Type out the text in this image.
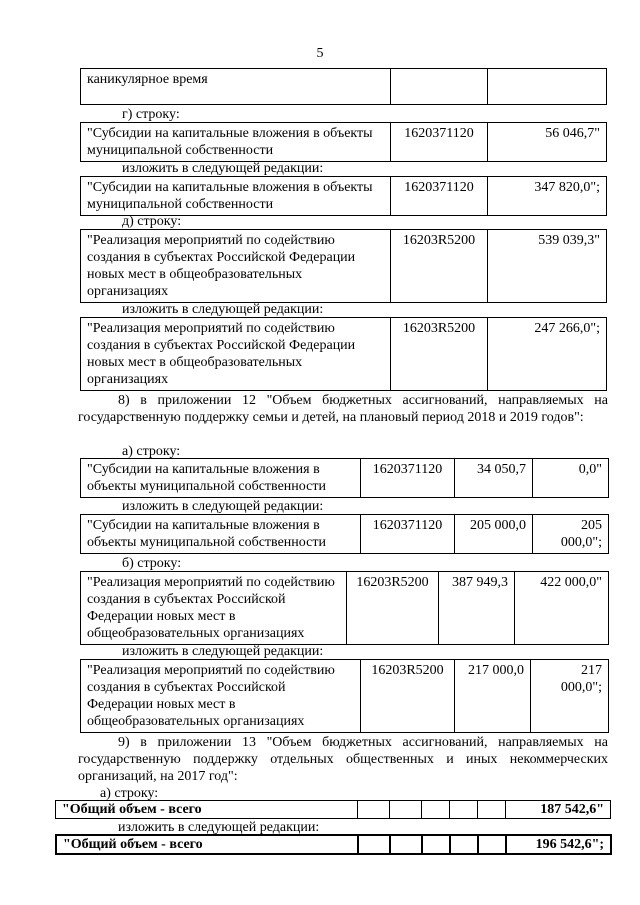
5
каникулярное время		
г) строку:
"Субсидии на капитальные вложения в объекты муниципальной собственности	1620371120	56 046,7"
изложить в следующей редакции:
"Субсидии на капитальные вложения в объекты муниципальной собственности	1620371120	347 820,0";
д) строку:
"Реализация мероприятий по содействию создания в субъектах Российской Федерации новых мест в общеобразовательных организациях	16203R5200	539 039,3"
изложить в следующей редакции:
"Реализация мероприятий по содействию создания в субъектах Российской Федерации новых мест в общеобразовательных организациях	16203R5200	247 266,0";
8) в приложении 12 "Объем бюджетных ассигнований, направляемых на государственную поддержку семьи и детей, на плановый период 2018 и 2019 годов":
а) строку:
"Субсидии на капитальные вложения в объекты муниципальной собственности	1620371120	34 050,7	0,0"
изложить в следующей редакции:
"Субсидии на капитальные вложения в объекты муниципальной собственности	1620371120	205 000,0	205 000,0";
б) строку:
"Реализация мероприятий по содействию создания в субъектах Российской Федерации новых мест в общеобразовательных организациях	16203R5200	387 949,3	422 000,0"
изложить в следующей редакции:
"Реализация мероприятий по содействию создания в субъектах Российской Федерации новых мест в общеобразовательных организациях	16203R5200	217 000,0	217 000,0";
9) в приложении 13 "Объем бюджетных ассигнований, направляемых на государственную поддержку отдельных общественных и иных некоммерческих организаций, на 2017 год":
а) строку:
"Общий объем - всего						187 542,6"
изложить в следующей редакции:
"Общий объем - всего						196 542,6";
